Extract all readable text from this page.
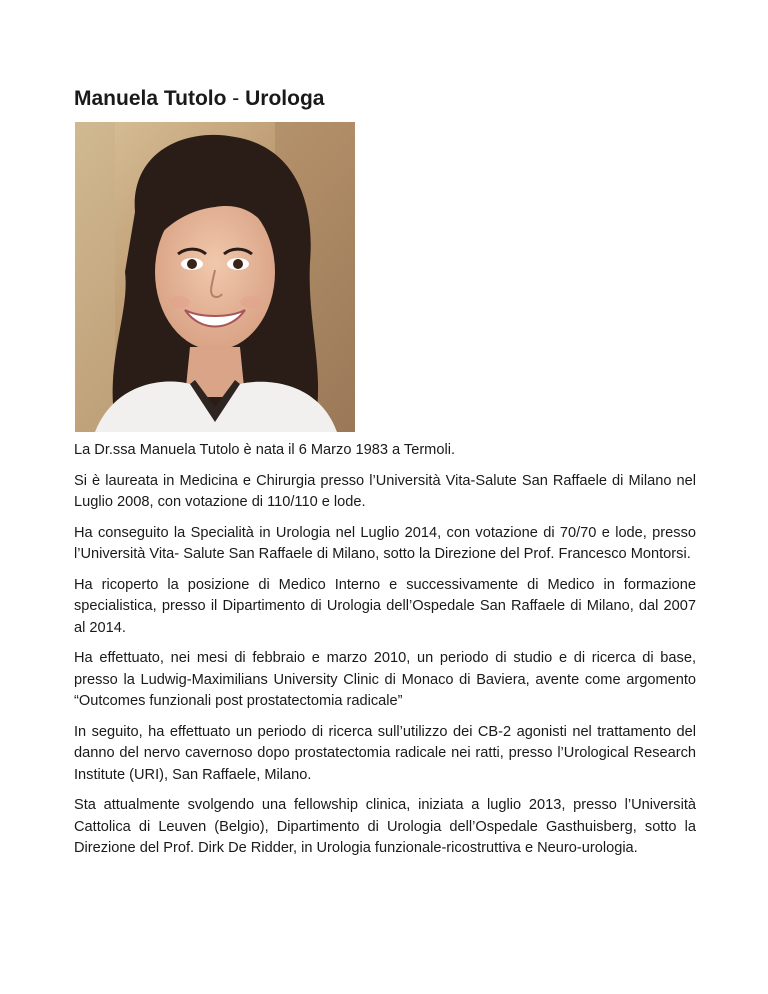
Manuela Tutolo - Urologa

La Dr.ssa Manuela Tutolo è nata il 6 Marzo 1983 a Termoli.

Si è laureata in Medicina e Chirurgia presso l’Università Vita-Salute San Raffaele di Milano nel Luglio 2008, con votazione di 110/110 e lode.

Ha conseguito la Specialità in Urologia nel Luglio 2014, con votazione di 70/70 e lode, presso l’Università Vita- Salute San Raffaele di Milano, sotto la Direzione del Prof. Francesco Montorsi.

Ha ricoperto la posizione di Medico Interno e successivamente di Medico in formazione specialistica, presso il Dipartimento di Urologia dell’Ospedale San Raffaele di Milano, dal 2007 al 2014.

Ha effettuato, nei mesi di febbraio e marzo 2010, un periodo di studio e di ricerca di base, presso la Ludwig-Maximilians University Clinic di Monaco di Baviera, avente come argomento “Outcomes funzionali post prostatectomia radicale”

In seguito, ha effettuato un periodo di ricerca sull’utilizzo dei CB-2 agonisti nel trattamento del danno del nervo cavernoso dopo prostatectomia radicale nei ratti, presso l’Urological Research Institute (URI), San Raffaele, Milano.

Sta attualmente svolgendo una fellowship clinica, iniziata a luglio 2013, presso l’Università Cattolica di Leuven (Belgio), Dipartimento di Urologia dell’Ospedale Gasthuisberg, sotto la Direzione del Prof. Dirk De Ridder, in Urologia funzionale-ricostruttiva e Neuro-urologia.
